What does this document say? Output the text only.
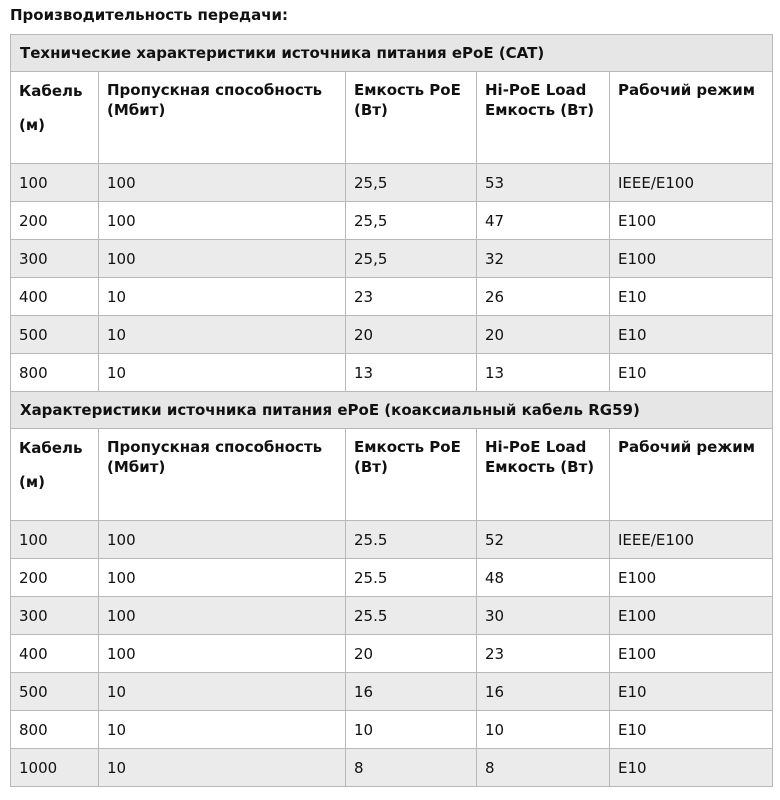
Производительность передачи:
Технические характеристики источника питания ePoE (CAT)				

Кабель
(м)	Пропускная способность (Мбит)	Емкость PoE (Вт)	Hi-PoE Load Емкость (Вт)	Рабочий режим
100	100	25,5	53	IEEE/E100
200	100	25,5	47	E100
300	100	25,5	32	E100
400	10	23	26	E10
500	10	20	20	E10
800	10	13	13	E10
Характеристики источника питания ePoE (коаксиальный кабель RG59)				

Кабель
(м)	Пропускная способность (Мбит)	Емкость PoE (Вт)	Hi-PoE Load Емкость (Вт)	Рабочий режим
100	100	25.5	52	IEEE/E100
200	100	25.5	48	E100
300	100	25.5	30	E100
400	100	20	23	E100
500	10	16	16	E10
800	10	10	10	E10
1000	10	8	8	E10
